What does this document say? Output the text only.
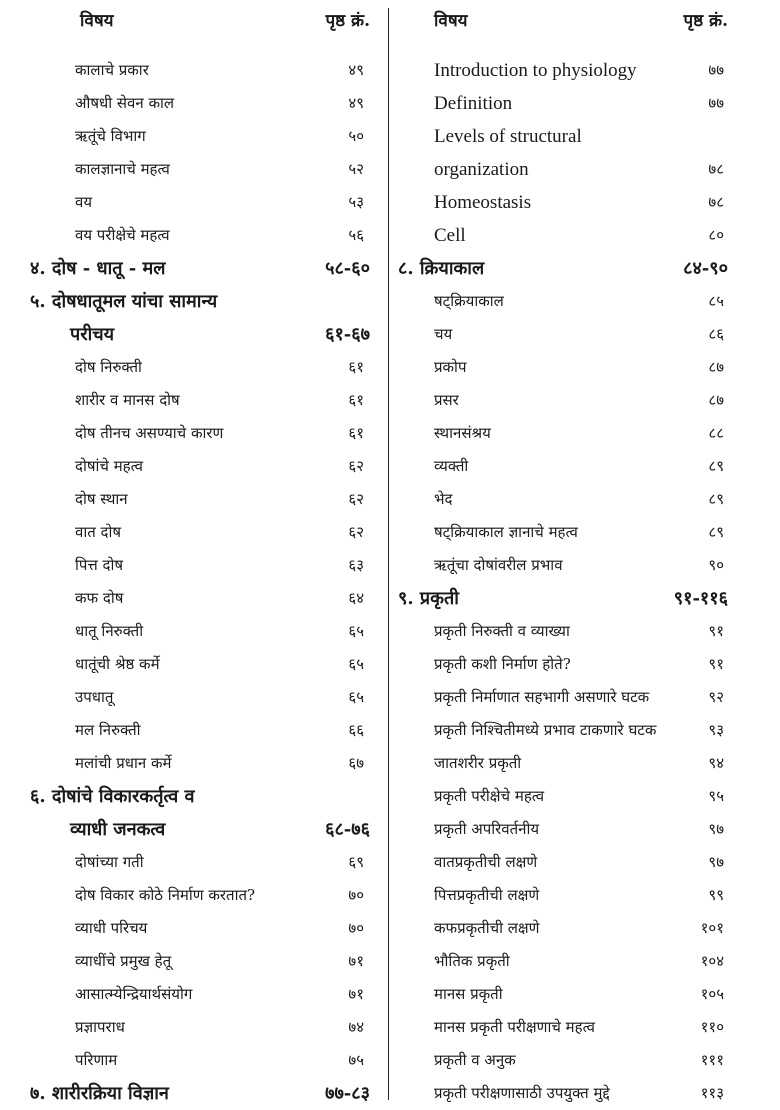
विषय	पृष्ठ क्रं.
कालाचे प्रकार	४९
औषधी सेवन काल	४९
ऋतूंचे विभाग	५०
कालज्ञानाचे महत्व	५२
वय	५३
वय परीक्षेचे महत्व	५६
४. दोष - धातू - मल	५८-६०
५. दोषधातूमल यांचा सामान्य
परीचय	६१-६७
दोष निरुक्ती	६१
शारीर व मानस दोष	६१
दोष तीनच असण्याचे कारण	६१
दोषांचे महत्व	६२
दोष स्थान	६२
वात दोष	६२
पित्त दोष	६३
कफ दोष	६४
धातू निरुक्ती	६५
धातूंची श्रेष्ठ कर्मे	६५
उपधातू	६५
मल निरुक्ती	६६
मलांची प्रधान कर्मे	६७
६. दोषांचे विकारकर्तृत्व व
व्याधी जनकत्व	६८-७६
दोषांच्या गती	६९
दोष विकार कोठे निर्माण करतात?	७०
व्याधी परिचय	७०
व्याधींचे प्रमुख हेतू	७१
आसात्म्येन्द्रियार्थसंयोग	७१
प्रज्ञापराध	७४
परिणाम	७५
७. शारीरक्रिया विज्ञान	७७-८३
विषय	पृष्ठ क्रं.
Introduction to physiology	७७
Definition	७७
Levels of structural
organization	७८
Homeostasis	७८
Cell	८०
८. क्रियाकाल	८४-९०
षट्क्रियाकाल	८५
चय	८६
प्रकोप	८७
प्रसर	८७
स्थानसंश्रय	८८
व्यक्ती	८९
भेद	८९
षट्क्रियाकाल ज्ञानाचे महत्व	८९
ऋतूंचा दोषांवरील प्रभाव	९०
९. प्रकृती	९१-११६
प्रकृती निरुक्ती व व्याख्या	९१
प्रकृती कशी निर्माण होते?	९१
प्रकृती निर्माणात सहभागी असणारे घटक	९२
प्रकृती निश्चितीमध्ये प्रभाव टाकणारे घटक	९३
जातशरीर प्रकृती	९४
प्रकृती परीक्षेचे महत्व	९५
प्रकृती अपरिवर्तनीय	९७
वातप्रकृतीची लक्षणे	९७
पित्तप्रकृतीची लक्षणे	९९
कफप्रकृतीची लक्षणे	१०१
भौतिक प्रकृती	१०४
मानस प्रकृती	१०५
मानस प्रकृती परीक्षणाचे महत्व	११०
प्रकृती व अनुक	१११
प्रकृती परीक्षणासाठी उपयुक्त मुद्दे	११३
